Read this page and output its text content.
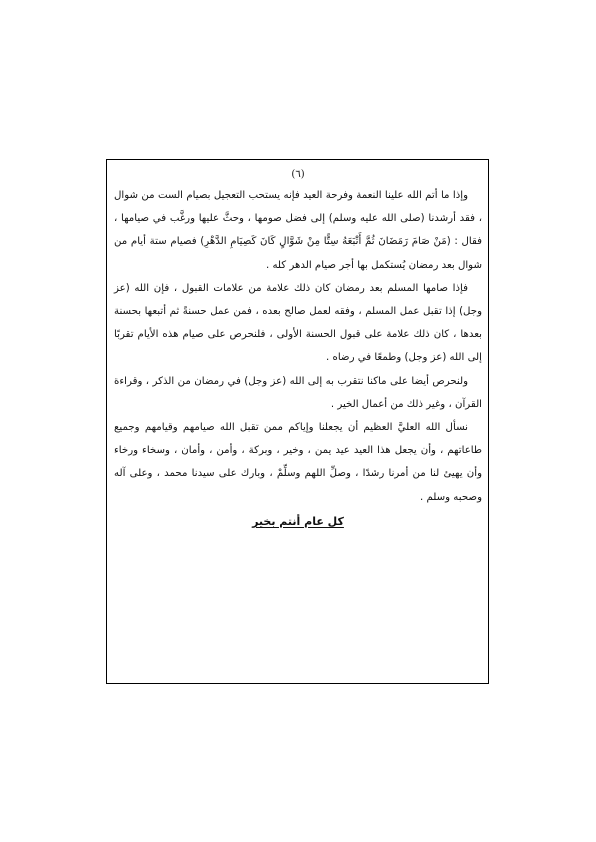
(٦)

وإذا ما أتم الله علينا النعمة وفرحة العيد فإنه يستحب التعجيل بصيام الست من شوال ، فقد أرشدنا (صلى الله عليه وسلم) إلى فضل صومها ، وحثَّ عليها ورغَّب في صيامها ، فقال : (مَنْ صَامَ رَمَضَانَ ثُمَّ أَتْبَعَهُ سِتًّا مِنْ شَوَّالٍ كَانَ كَصِيَامِ الدَّهْرِ) فصيام ستة أيام من شوال بعد رمضان يُستكمل بها أجر صيام الدهر كله .

فإذا صامها المسلم بعد رمضان كان ذلك علامة من علامات القبول ، فإن الله (عز وجل) إذا تقبل عمل المسلم ، وفقه لعمل صالح بعده ، فمن عمل حسنةً ثم أتبعها بحسنة بعدها ، كان ذلك علامة على قبول الحسنة الأولى ، فلنحرص على صيام هذه الأيام تقربًا إلى الله (عز وجل) وطمعًا في رضاه .

ولنحرص أيضا على ماكنا نتقرب به إلى الله (عز وجل) في رمضان من الذكر ، وقراءة القرآن ، وغير ذلك من أعمال الخير .

نسأل الله العليَّ العظيم أن يجعلنا وإياكم ممن تقبل الله صيامهم وقيامهم وجميع طاعاتهم ، وأن يجعل هذا العيد عيد يمن ، وخير ، وبركة ، وأمن ، وأمان ، وسخاء ورخاء وأن يهيئ لنا من أمرنا رشدًا ، وصلِّ اللهم وسلِّمْ ، وبارك على سيدنا محمد ، وعلى آله وصحبه وسلم .

كل عام أنتم بخير
